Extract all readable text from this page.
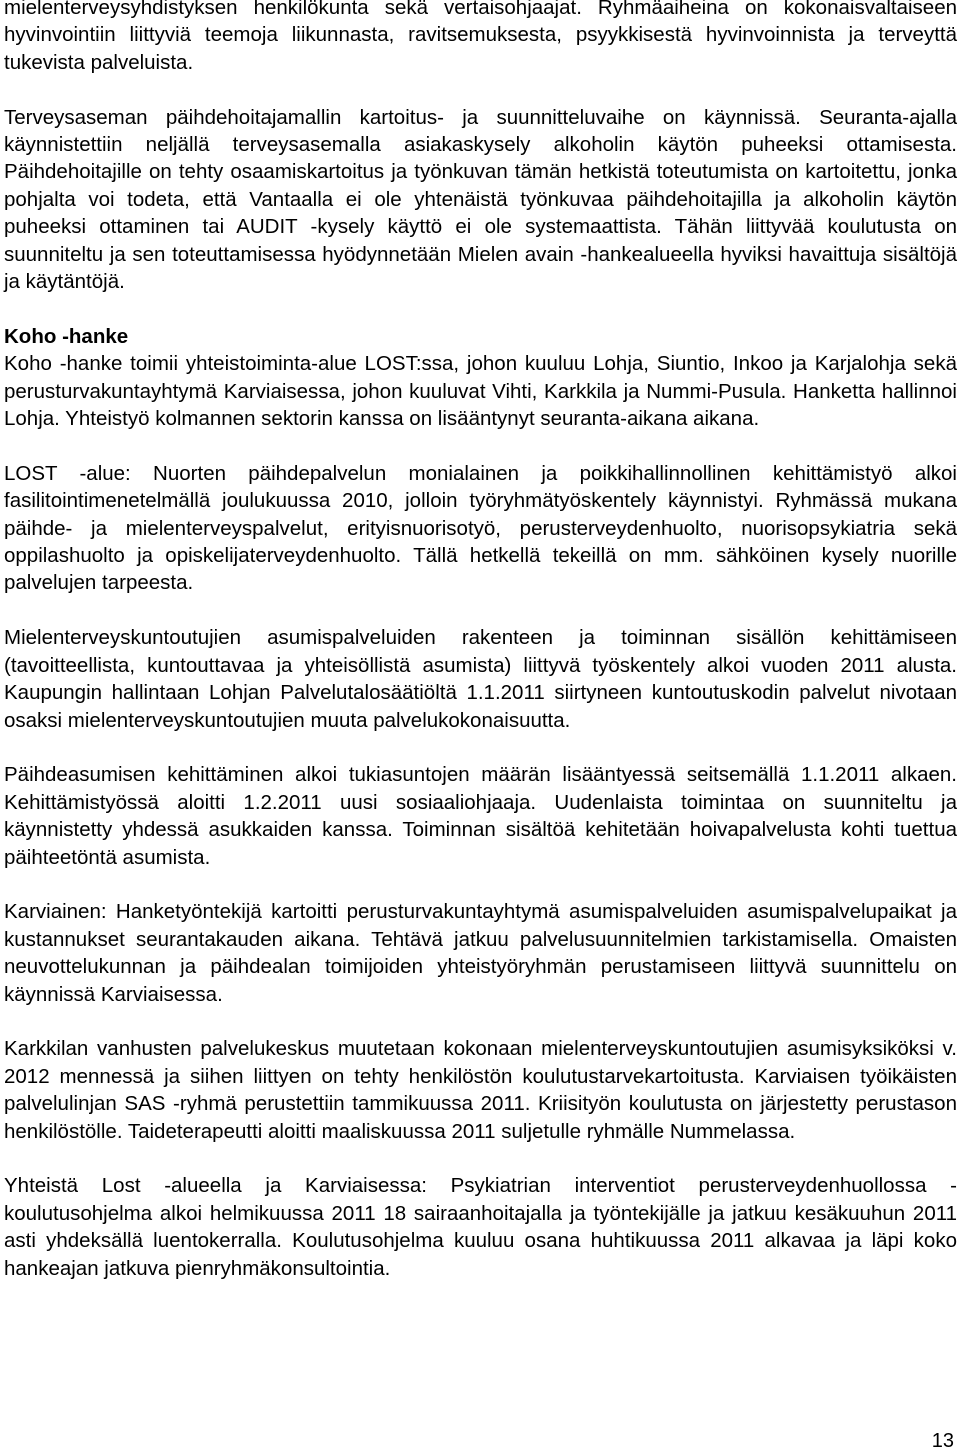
mielenterveysyhdistyksen henkilökunta sekä vertaisohjaajat. Ryhmäaiheina on kokonaisvaltaiseen hyvinvointiin liittyviä teemoja liikunnasta, ravitsemuksesta, psyykkisestä hyvinvoinnista ja terveyttä tukevista palveluista.

Terveysaseman päihdehoitajamallin kartoitus- ja suunnitteluvaihe on käynnissä. Seuranta-ajalla käynnistettiin neljällä terveysasemalla asiakaskysely alkoholin käytön puheeksi ottamisesta. Päihdehoitajille on tehty osaamiskartoitus ja työnkuvan tämän hetkistä toteutumista on kartoitettu, jonka pohjalta voi todeta, että Vantaalla ei ole yhtenäistä työnkuvaa päihdehoitajilla ja alkoholin käytön puheeksi ottaminen tai AUDIT -kysely käyttö ei ole systemaattista. Tähän liittyvää koulutusta on suunniteltu ja sen toteuttamisessa hyödynnetään Mielen avain -hankealueella hyviksi havaittuja sisältöjä ja käytäntöjä.

Koho -hanke

Koho -hanke toimii yhteistoiminta-alue LOST:ssa, johon kuuluu Lohja, Siuntio, Inkoo ja Karjalohja sekä perusturvakuntayhtymä Karviaisessa, johon kuuluvat Vihti, Karkkila ja Nummi-Pusula. Hanketta hallinnoi Lohja. Yhteistyö kolmannen sektorin kanssa on lisääntynyt seuranta-aikana aikana.

LOST -alue: Nuorten päihdepalvelun monialainen ja poikkihallinnollinen kehittämistyö alkoi fasilitointimenetelmällä joulukuussa 2010, jolloin työryhmätyöskentely käynnistyi. Ryhmässä mukana päihde- ja mielenterveyspalvelut, erityisnuorisotyö, perusterveydenhuolto, nuorisopsykiatria sekä oppilashuolto ja opiskelijaterveydenhuolto. Tällä hetkellä tekeillä on mm. sähköinen kysely nuorille palvelujen tarpeesta.

Mielenterveyskuntoutujien asumispalveluiden rakenteen ja toiminnan sisällön kehittämiseen (tavoitteellista, kuntouttavaa ja yhteisöllistä asumista) liittyvä työskentely alkoi vuoden 2011 alusta. Kaupungin hallintaan Lohjan Palvelutalosäätiöltä 1.1.2011 siirtyneen kuntoutuskodin palvelut nivotaan osaksi mielenterveyskuntoutujien muuta palvelukokonaisuutta.

Päihdeasumisen kehittäminen alkoi tukiasuntojen määrän lisääntyessä seitsemällä 1.1.2011 alkaen. Kehittämistyössä aloitti 1.2.2011 uusi sosiaaliohjaaja. Uudenlaista toimintaa on suunniteltu ja käynnistetty yhdessä asukkaiden kanssa. Toiminnan sisältöä kehitetään hoivapalvelusta kohti tuettua päihteetöntä asumista.

Karviainen: Hanketyöntekijä kartoitti perusturvakuntayhtymä asumispalveluiden asumispalvelupaikat ja kustannukset seurantakauden aikana. Tehtävä jatkuu palvelusuunnitelmien tarkistamisella. Omaisten neuvottelukunnan ja päihdealan toimijoiden yhteistyöryhmän perustamiseen liittyvä suunnittelu on käynnissä Karviaisessa.

Karkkilan vanhusten palvelukeskus muutetaan kokonaan mielenterveyskuntoutujien asumisyksiköksi v. 2012 mennessä ja siihen liittyen on tehty henkilöstön koulutustarvekartoitusta. Karviaisen työikäisten palvelulinjan SAS -ryhmä perustettiin tammikuussa 2011. Kriisityön koulutusta on järjestetty perustason henkilöstölle. Taideterapeutti aloitti maaliskuussa 2011 suljetulle ryhmälle Nummelassa.

Yhteistä Lost -alueella ja Karviaisessa: Psykiatrian interventiot perusterveydenhuollossa - koulutusohjelma alkoi helmikuussa 2011 18 sairaanhoitajalla ja työntekijälle ja jatkuu kesäkuuhun 2011 asti yhdeksällä luentokerralla. Koulutusohjelma kuuluu osana huhtikuussa 2011 alkavaa ja läpi koko hankeajan jatkuva pienryhmäkonsultointia.

13
